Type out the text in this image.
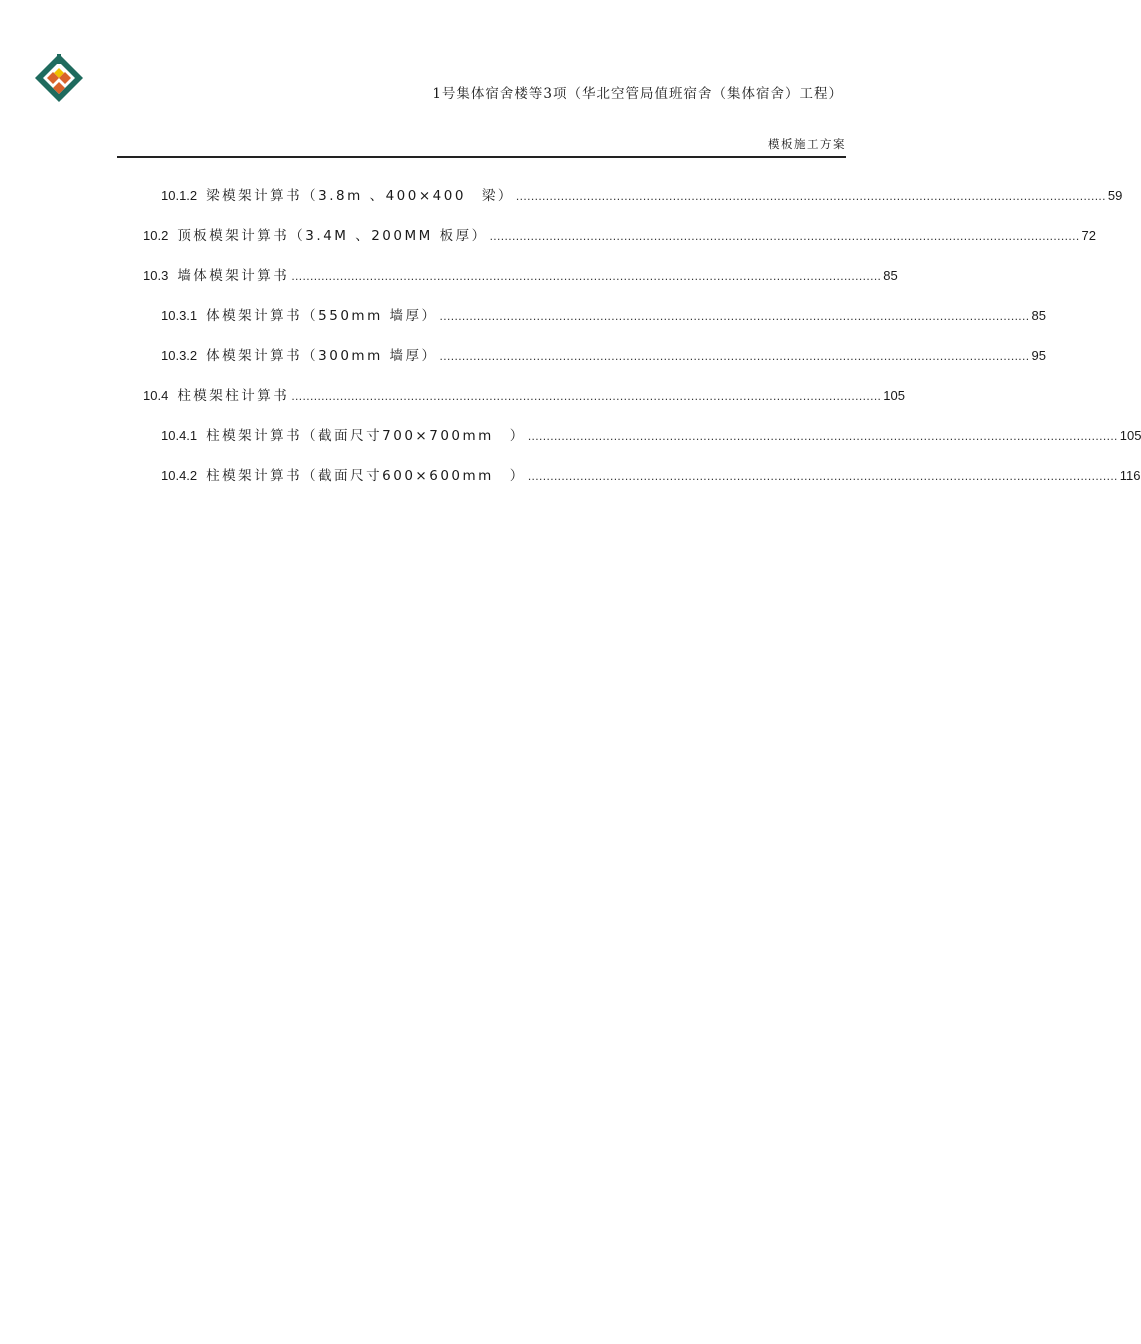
1号集体宿舍楼等3项（华北空管局值班宿舍（集体宿舍）工程）
模板施工方案
10.1.2 梁模架计算书（3.8m 、400×400　梁） .............................................................................................................................................................. 59
10.2 顶板模架计算书（3.4M 、200MM 板厚） .............................................................................................................................................................. 72
10.3 墙体模架计算书 .............................................................................................................................................................. 85
10.3.1 体模架计算书（550mm 墙厚） .............................................................................................................................................................. 85
10.3.2 体模架计算书（300mm 墙厚） .............................................................................................................................................................. 95
10.4 柱模架柱计算书 .............................................................................................................................................................. 105
10.4.1 柱模架计算书（截面尺寸700×700mm　） .............................................................................................................................................................. 105
10.4.2 柱模架计算书（截面尺寸600×600mm　） .............................................................................................................................................................. 116
